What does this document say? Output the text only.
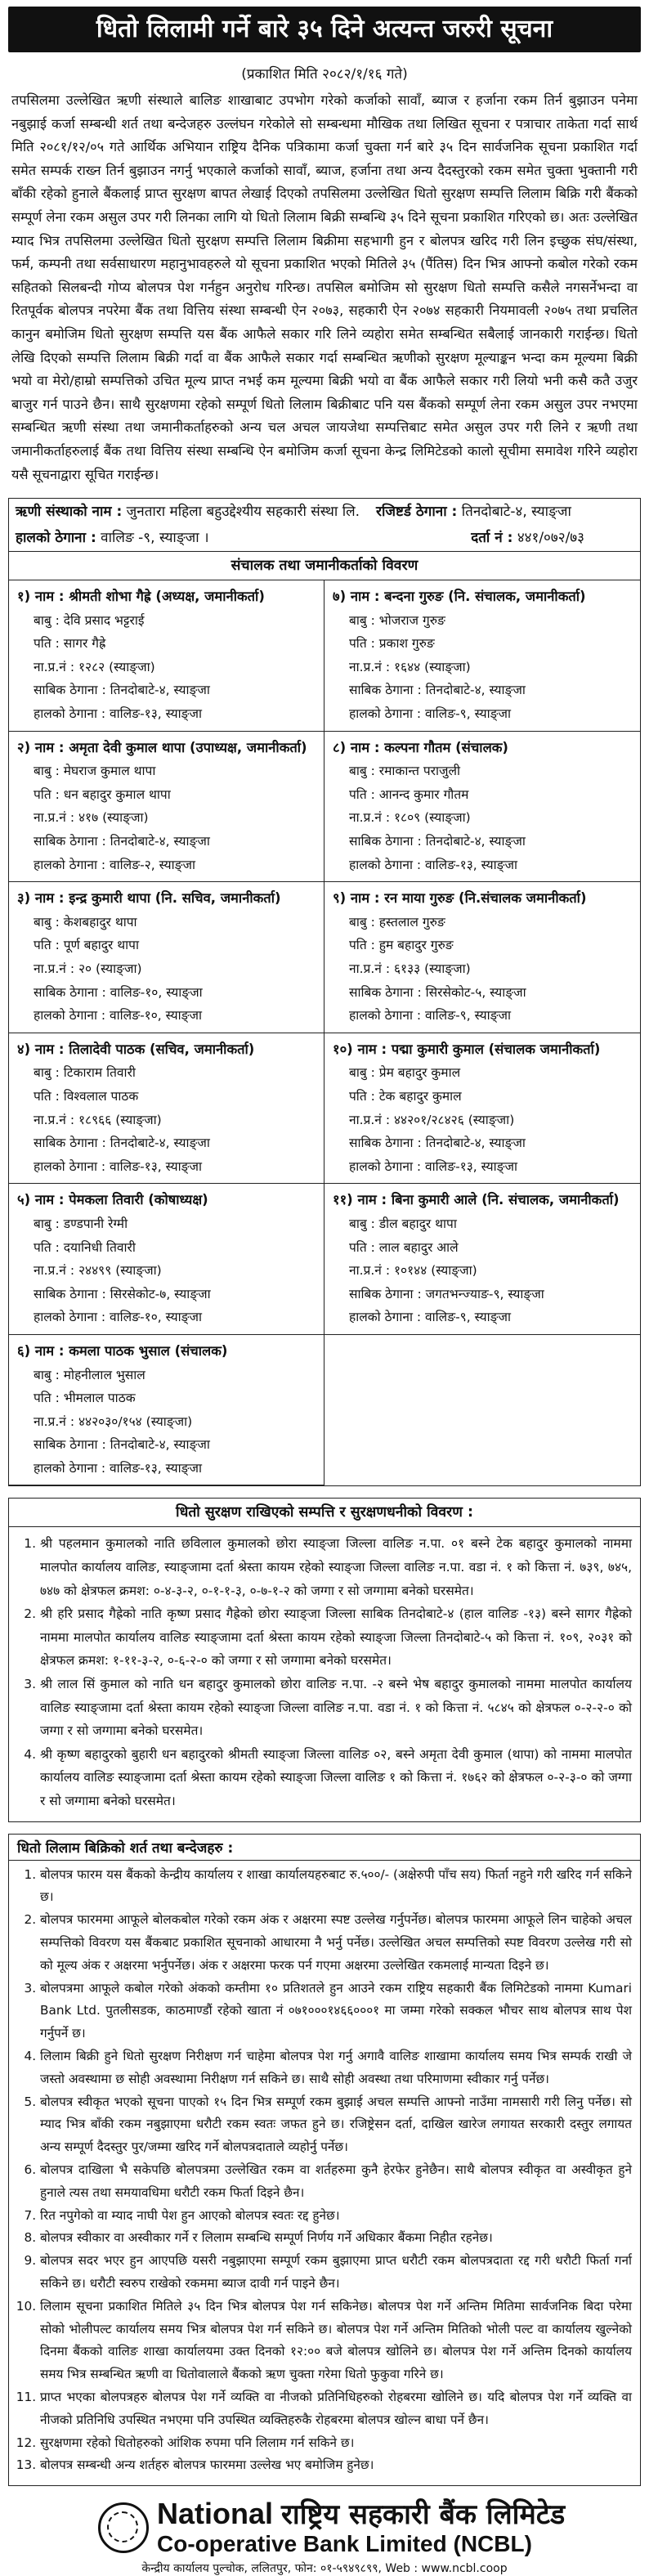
धितो लिलामी गर्ने बारे ३५ दिने अत्यन्त जरुरी सूचना
(प्रकाशित मिति २०८२/१/१६ गते)
तपसिलमा उल्लेखित ऋणी संस्थाले बालिङ शाखाबाट उपभोग गरेको कर्जाको सावाँ, ब्याज र हर्जाना रकम तिर्न बुझाउन पनेमा नबुझाई कर्जा सम्बन्धी शर्त तथा बन्देजहरु उल्लंघन गरेकोले सो सम्बन्धमा मौखिक तथा लिखित सूचना र पत्राचार ताकेता गर्दा सार्थ मिति २०८१/१२/०५ गते आर्थिक अभियान राष्ट्रिय दैनिक पत्रिकामा कर्जा चुक्ता गर्न बारे ३५ दिन सार्वजनिक सूचना प्रकाशित गर्दा समेत सम्पर्क राख्न तिर्न बुझाउन नगर्नु भएकाले कर्जाको सावाँ, ब्याज, हर्जाना तथा अन्य दैदस्तुरको रकम समेत चुक्ता भुक्तानी गरी बाँकी रहेको हुनाले बैंकलाई प्राप्त सुरक्षण बापत लेखाई दिएको तपसिलमा उल्लेखित धितो सुरक्षण सम्पत्ति लिलाम बिक्रि गरी बैंकको सम्पूर्ण लेना रकम असुल उपर गरी लिनका लागि यो धितो लिलाम बिक्री सम्बन्धि ३५ दिने सूचना प्रकाशित गरिएको छ। अतः उल्लेखित म्याद भित्र तपसिलमा उल्लेखित धितो सुरक्षण सम्पत्ति लिलाम बिक्रीमा सहभागी हुन र बोलपत्र खरिद गरी लिन इच्छुक संघ/संस्था, फर्म, कम्पनी तथा सर्वसाधारण महानुभावहरुले यो सूचना प्रकाशित भएको मितिले ३५ (पैंतिस) दिन भित्र आफ्नो कबोल गरेको रकम सहितको सिलबन्दी गोप्य बोलपत्र पेश गर्नहुन अनुरोध गरिन्छ। तपसिल बमोजिम सो सुरक्षण धितो सम्पत्ति कसैले नगसर्नेभन्दा वा रितपूर्वक बोलपत्र नपरेमा बैंक तथा वित्तिय संस्था सम्बन्धी ऐन २०७३, सहकारी ऐन २०७४ सहकारी नियमावली २०७५ तथा प्रचलित कानुन बमोजिम धितो सुरक्षण सम्पत्ति यस बैंक आफैले सकार गरि लिने व्यहोरा समेत सम्बन्धित सबैलाई जानकारी गराईन्छ। धितो लेखि दिएको सम्पत्ति लिलाम बिक्री गर्दा वा बैंक आफैले सकार गर्दा सम्बन्धित ऋणीको सुरक्षण मूल्याङ्कन भन्दा कम मूल्यमा बिक्री भयो वा मेरो/हाम्रो सम्पत्तिको उचित मूल्य प्राप्त नभई कम मूल्यमा बिक्री भयो वा बैंक आफैले सकार गरी लियो भनी कसै कतै उजुर बाजुर गर्न पाउने छैन। साथै सुरक्षणमा रहेको सम्पूर्ण धितो लिलाम बिक्रीबाट पनि यस बैंकको सम्पूर्ण लेना रकम असुल उपर नभएमा सम्बन्धित ऋणी संस्था तथा जमानीकर्ताहरुको अन्य चल अचल जायजेथा सम्पत्तिबाट समेत असुल उपर गरी लिने र ऋणी तथा जमानीकर्ताहरुलाई बैंक तथा वित्तिय संस्था सम्बन्धि ऐन बमोजिम कर्जा सूचना केन्द्र लिमिटेडको कालो सूचीमा समावेश गरिने व्यहोरा यसै सूचनाद्वारा सूचित गराईन्छ।
ऋणी संस्थाको नाम : जुनतारा महिला बहुउद्देश्यीय सहकारी संस्था लि.	रजिष्टर्ड ठेगाना : तिनदोबाटे-४, स्याङ्जा
हालको ठेगाना : वालिङ -९, स्याङ्जा ।	दर्ता नं : ४४१/०७२/७३
संचालक तथा जमानीकर्ताको विवरण
१) नाम : श्रीमती शोभा गैह्रे (अध्यक्ष, जमानीकर्ता)
बाबु : देवि प्रसाद भट्टराई
पति : सागर गैह्रे
ना.प्र.नं : १२८२ (स्याङ्जा)
साबिक ठेगाना : तिनदोबाटे-४, स्याङ्जा
हालको ठेगाना : वालिङ-१३, स्याङ्जा
७) नाम : बन्दना गुरुङ (नि. संचालक, जमानीकर्ता)
बाबु : भोजराज गुरुङ
पति : प्रकाश गुरुङ
ना.प्र.नं : १६४४ (स्याङ्जा)
साबिक ठेगाना : तिनदोबाटे-४, स्याङ्जा
हालको ठेगाना : वालिङ-९, स्याङ्जा
२) नाम : अमृता देवी कुमाल थापा (उपाध्यक्ष, जमानीकर्ता)
बाबु : मेघराज कुमाल थापा
पति : धन बहादुर कुमाल थापा
ना.प्र.नं : ४१७ (स्याङ्जा)
साबिक ठेगाना : तिनदोबाटे-४, स्याङ्जा
हालको ठेगाना : वालिङ-२, स्याङ्जा
८) नाम : कल्पना गौतम (संचालक)
बाबु : रमाकान्त पराजुली
पति : आनन्द कुमार गौतम
ना.प्र.नं : १८०९ (स्याङ्जा)
साबिक ठेगाना : तिनदोबाटे-४, स्याङ्जा
हालको ठेगाना : वालिङ-१३, स्याङ्जा
३) नाम : इन्द्र कुमारी थापा (नि. सचिव, जमानीकर्ता)
बाबु : केशबहादुर थापा
पति : पूर्ण बहादुर थापा
ना.प्र.नं : २० (स्याङ्जा)
साबिक ठेगाना : वालिङ-१०, स्याङ्जा
हालको ठेगाना : वालिङ-१०, स्याङ्जा
९) नाम : रन माया गुरुङ (नि.संचालक जमानीकर्ता)
बाबु : हस्तलाल गुरुङ
पति : हुम बहादुर गुरुङ
ना.प्र.नं : ६१३३ (स्याङ्जा)
साबिक ठेगाना : सिरसेकोट-५, स्याङ्जा
हालको ठेगाना : वालिङ-९, स्याङ्जा
४) नाम : तिलादेवी पाठक (सचिव, जमानीकर्ता)
बाबु : टिकाराम तिवारी
पति : विश्वलाल पाठक
ना.प्र.नं : १८९६६ (स्याङ्जा)
साबिक ठेगाना : तिनदोबाटे-४, स्याङ्जा
हालको ठेगाना : वालिङ-१३, स्याङ्जा
१०) नाम : पद्मा कुमारी कुमाल (संचालक जमानीकर्ता)
बाबु : प्रेम बहादुर कुमाल
पति : टेक बहादुर कुमाल
ना.प्र.नं : ४४२०१/२८४२६ (स्याङ्जा)
साबिक ठेगाना : तिनदोबाटे-४, स्याङ्जा
हालको ठेगाना : वालिङ-१३, स्याङ्जा
५) नाम : पेमकला तिवारी (कोषाध्यक्ष)
बाबु : डण्डपानी रेग्मी
पति : दयानिधी तिवारी
ना.प्र.नं : २४४९९ (स्याङ्जा)
साबिक ठेगाना : सिरसेकोट-७, स्याङ्जा
हालको ठेगाना : वालिङ-१०, स्याङ्जा
११) नाम : बिना कुमारी आले (नि. संचालक, जमानीकर्ता)
बाबु : डील बहादुर थापा
पति : लाल बहादुर आले
ना.प्र.नं : १०१४४ (स्याङ्जा)
साबिक ठेगाना : जगतभन्ज्याङ-९, स्याङ्जा
हालको ठेगाना : वालिङ-९, स्याङ्जा
६) नाम : कमला पाठक भुसाल (संचालक)
बाबु : मोहनीलाल भुसाल
पति : भीमलाल पाठक
ना.प्र.नं : ४४२०३०/१५४ (स्याङ्जा)
साबिक ठेगाना : तिनदोबाटे-४, स्याङ्जा
हालको ठेगाना : वालिङ-१३, स्याङ्जा
धितो सुरक्षण राखिएको सम्पत्ति र सुरक्षणधनीको विवरण :
1. श्री पहलमान कुमालको नाति छविलाल कुमालको छोरा स्याङ्जा जिल्ला वालिङ न.पा. ०१ बस्ने टेक बहादुर कुमालको नाममा मालपोत कार्यालय वालिङ, स्याङ्जामा दर्ता श्रेस्ता कायम रहेको स्याङ्जा जिल्ला वालिङ न.पा. वडा नं. १ को कित्ता नं. ७३९, ७४५, ७४७ को क्षेत्रफल क्रमश: ०-४-३-२, ०-१-१-३, ०-७-१-२ को जग्गा र सो जग्गामा बनेको घरसमेत।
2. श्री हरि प्रसाद गैह्रेको नाति कृष्ण प्रसाद गैह्रेको छोरा स्याङ्जा जिल्ला साबिक तिनदोबाटे-४ (हाल वालिङ -१३) बस्ने सागर गैह्रेको नाममा मालपोत कार्यालय वालिङ स्याङ्जामा दर्ता श्रेस्ता कायम रहेको स्याङ्जा जिल्ला तिनदोबाटे-५ को कित्ता नं. १०९, २०३१ को क्षेत्रफल क्रमश: १-११-३-२, ०-६-२-० को जग्गा र सो जग्गामा बनेको घरसमेत।
3. श्री लाल सिं कुमाल को नाति धन बहादुर कुमालको छोरा वालिङ न.पा. -२ बस्ने भेष बहादुर कुमालको नाममा मालपोत कार्यालय वालिङ स्याङ्जामा दर्ता श्रेस्ता कायम रहेको स्याङ्जा जिल्ला वालिङ न.पा. वडा नं. १ को कित्ता नं. ५८४५ को क्षेत्रफल ०-२-२-० को जग्गा र सो जग्गामा बनेको घरसमेत।
4. श्री कृष्ण बहादुरको बुहारी धन बहादुरको श्रीमती स्याङ्जा जिल्ला वालिङ ०२, बस्ने अमृता देवी कुमाल (थापा) को नाममा मालपोत कार्यालय वालिङ स्याङ्जामा दर्ता श्रेस्ता कायम रहेको स्याङ्जा जिल्ला वालिङ १ को कित्ता नं. १७६२ को क्षेत्रफल ०-२-३-० को जग्गा र सो जग्गामा बनेको घरसमेत।
धितो लिलाम बिक्रिको शर्त तथा बन्देजहरु :
1. बोलपत्र फारम यस बैंकको केन्द्रीय कार्यालय र शाखा कार्यालयहरुबाट रु.५००/- (अक्षेरुपी पाँच सय) फिर्ता नहुने गरी खरिद गर्न सकिने छ।
2. बोलपत्र फारममा आफूले बोलकबोल गरेको रकम अंक र अक्षरमा स्पष्ट उल्लेख गर्नुपर्नेछ। बोलपत्र फारममा आफूले लिन चाहेको अचल सम्पत्तिको विवरण यस बैंकबाट प्रकाशित सूचनाको आधारमा नै भर्नु पर्नेछ। उल्लेखित अचल सम्पत्तिको स्पष्ट विवरण उल्लेख गरी सो को मूल्य अंक र अक्षरमा भर्नुपर्नेछ। अंक र अक्षरमा फरक पर्न गएमा अक्षरमा उल्लेखित रकमलाई मान्यता दिइने छ।
3. बोलपत्रमा आफूले कबोल गरेको अंकको कम्तीमा १० प्रतिशतले हुन आउने रकम राष्ट्रिय सहकारी बैंक लिमिटेडको नाममा Kumari Bank Ltd. पुतलीसडक, काठमाण्डौं रहेको खाता नं ०७१०००१४६६०००१ मा जम्मा गरेको सक्कल भौचर साथ बोलपत्र साथ पेश गर्नुपर्ने छ।
4. लिलाम बिक्री हुने धितो सुरक्षण निरीक्षण गर्न चाहेमा बोलपत्र पेश गर्नु अगावै वालिङ शाखामा कार्यालय समय भित्र सम्पर्क राखी जे जस्तो अवस्थामा छ सोही अवस्थामा निरीक्षण गर्न सकिने छ। साथै सोही अवस्था तथा परिमाणमा स्वीकार गर्नु पर्नेछ।
5. बोलपत्र स्वीकृत भएको सूचना पाएको १५ दिन भित्र सम्पूर्ण रकम बुझाई अचल सम्पत्ति आफ्नो नाउँमा नामसारी गरी लिनु पर्नेछ। सो म्याद भित्र बाँकी रकम नबुझाएमा धरौटी रकम स्वतः जफत हुने छ। रजिष्ट्रेसन दर्ता, दाखिल खारेज लगायत सरकारी दस्तुर लगायत अन्य सम्पूर्ण दैदस्तुर पुर/जम्मा खरिद गर्ने बोलपत्रदाताले व्यहोर्नु पर्नेछ।
6. बोलपत्र दाखिला भै सकेपछि बोलपत्रमा उल्लेखित रकम वा शर्तहरुमा कुनै हेरफेर हुनेछैन। साथै बोलपत्र स्वीकृत वा अस्वीकृत हुने हुनाले त्यस तथा समयावधिमा धरौटी रकम फिर्ता दिइने छैन।
7. रित नपुगेको वा म्याद नाघी पेश हुन आएको बोलपत्र स्वतः रद्द हुनेछ।
8. बोलपत्र स्वीकार वा अस्वीकार गर्ने र लिलाम सम्बन्धि सम्पूर्ण निर्णय गर्ने अधिकार बैंकमा निहीत रहनेछ।
9. बोलपत्र सदर भएर हुन आएपछि यसरी नबुझाएमा सम्पूर्ण रकम बुझाएमा प्राप्त धरौटी रकम बोलपत्रदाता रद्द गरी धरौटी फिर्ता गर्ना सकिने छ। धरौटी स्वरुप राखेको रकममा ब्याज दावी गर्न पाइने छैन।
10. लिलाम सूचना प्रकाशित मितिले ३५ दिन भित्र बोलपत्र पेश गर्न सकिनेछ। बोलपत्र पेश गर्ने अन्तिम मितिमा सार्वजनिक बिदा परेमा सोको भोलीपल्ट कार्यालय समय भित्र बोलपत्र पेश गर्न सकिने छ। बोलपत्र पेश गर्ने अन्तिम मितिको भोली पल्ट वा कार्यालय खुल्नेको दिनमा बैंकको वालिङ शाखा कार्यालयमा उक्त दिनको १२:०० बजे बोलपत्र खोलिने छ। बोलपत्र पेश गर्ने अन्तिम दिनको कार्यालय समय भित्र सम्बन्धित ऋणी वा धितोवालाले बैंकको ऋण चुक्ता गरेमा धितो फुकुवा गरिने छ।
11. प्राप्त भएका बोलपत्रहरु बोलपत्र पेश गर्ने व्यक्ति वा नीजको प्रतिनिधिहरुको रोहबरमा खोलिने छ। यदि बोलपत्र पेश गर्ने व्यक्ति वा नीजको प्रतिनिधि उपस्थित नभएमा पनि उपस्थित व्यक्तिहरुकै रोहबरमा बोलपत्र खोल्न बाधा पर्ने छैन।
12. सुरक्षणमा रहेको धितोहरुको आंशिक रुपमा पनि लिलाम गर्न सकिने छ।
13. बोलपत्र सम्बन्धी अन्य शर्तहरु बोलपत्र फारममा उल्लेख भए बमोजिम हुनेछ।
National राष्ट्रिय सहकारी बैंक लिमिटेड
Co-operative Bank Limited (NCBL)
केन्द्रीय कार्यालय पुल्चोक, ललितपुर, फोन: ०१-५९४९८९९, Web : www.ncbl.coop
